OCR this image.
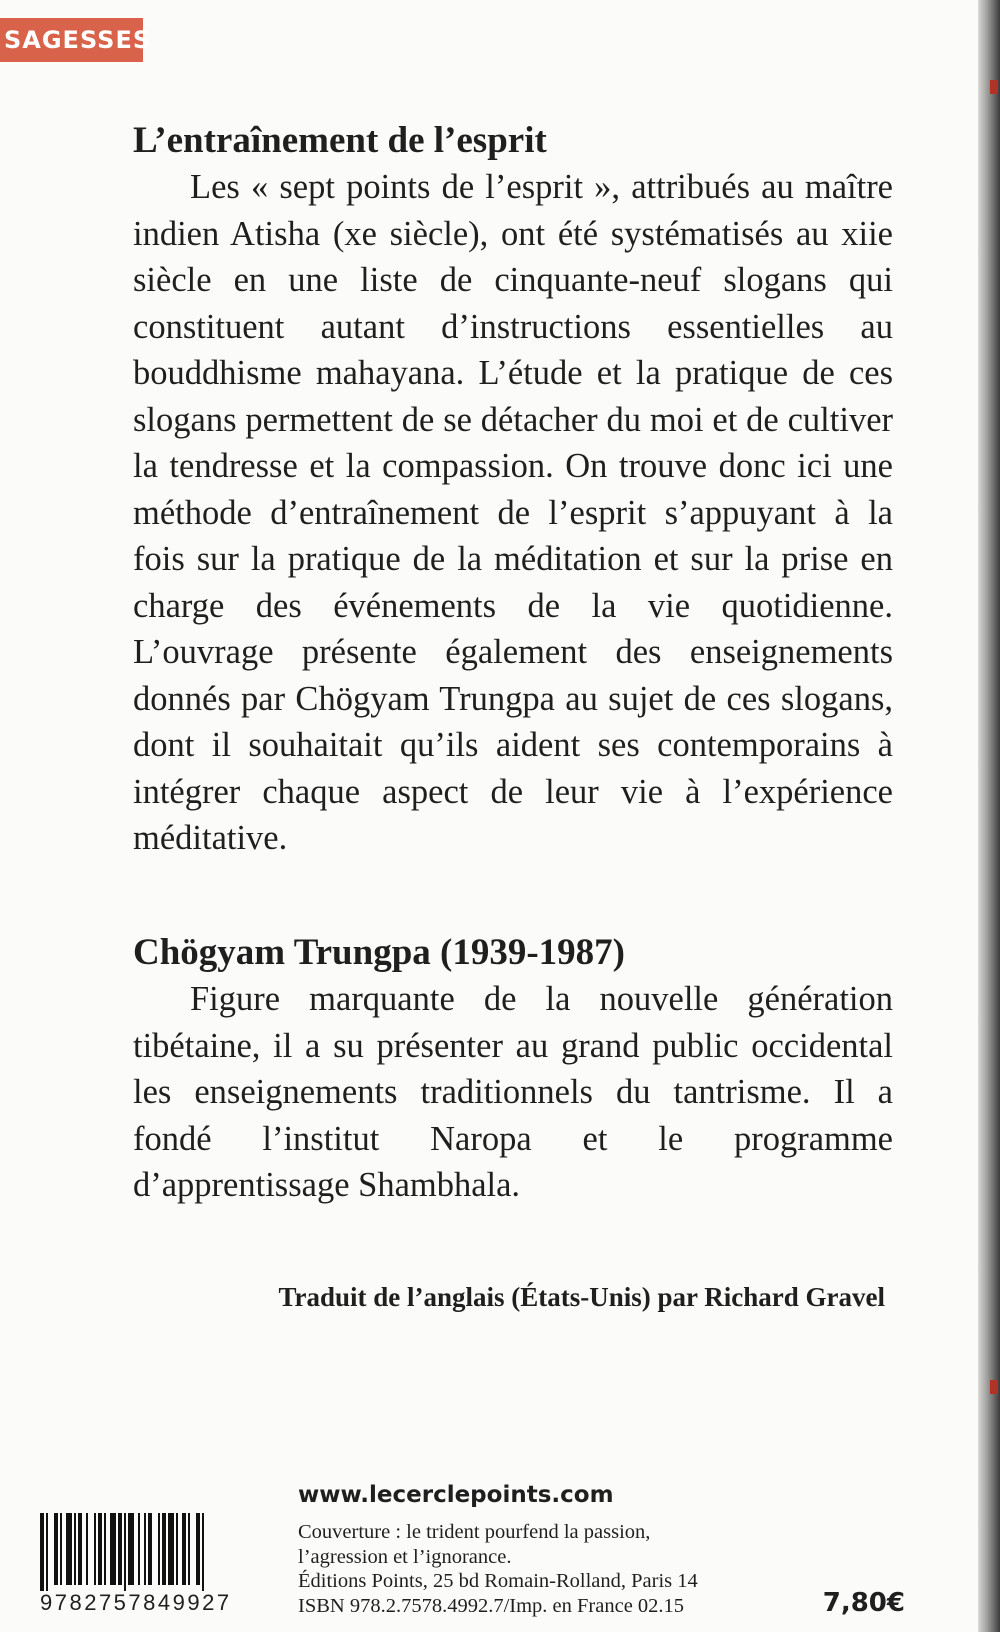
SAGESSES
L’entraînement de l’esprit

Les « sept points de l’esprit », attribués au maître indien Atisha (xe siècle), ont été systématisés au xiie siècle en une liste de cinquante-neuf slogans qui constituent autant d’instructions essentielles au bouddhisme mahayana. L’étude et la pratique de ces slogans permettent de se détacher du moi et de cultiver la tendresse et la compassion. On trouve donc ici une méthode d’entraînement de l’esprit s’appuyant à la fois sur la pratique de la méditation et sur la prise en charge des événements de la vie quotidienne. L’ouvrage présente également des enseignements donnés par Chögyam Trungpa au sujet de ces slogans, dont il souhaitait qu’ils aident ses contemporains à intégrer chaque aspect de leur vie à l’expérience méditative.

Chögyam Trungpa (1939-1987)

Figure marquante de la nouvelle génération tibétaine, il a su présenter au grand public occidental les enseignements traditionnels du tantrisme. Il a fondé l’institut Naropa et le programme d’apprentissage Shambhala.

Traduit de l’anglais (États-Unis) par Richard Gravel
www.lecerclepoints.com
Couverture : le trident pourfend la passion, l’agression et l’ignorance.
Éditions Points, 25 bd Romain-Rolland, Paris 14
ISBN 978.2.7578.4992.7/Imp. en France 02.15
9782757849927	7,80€
